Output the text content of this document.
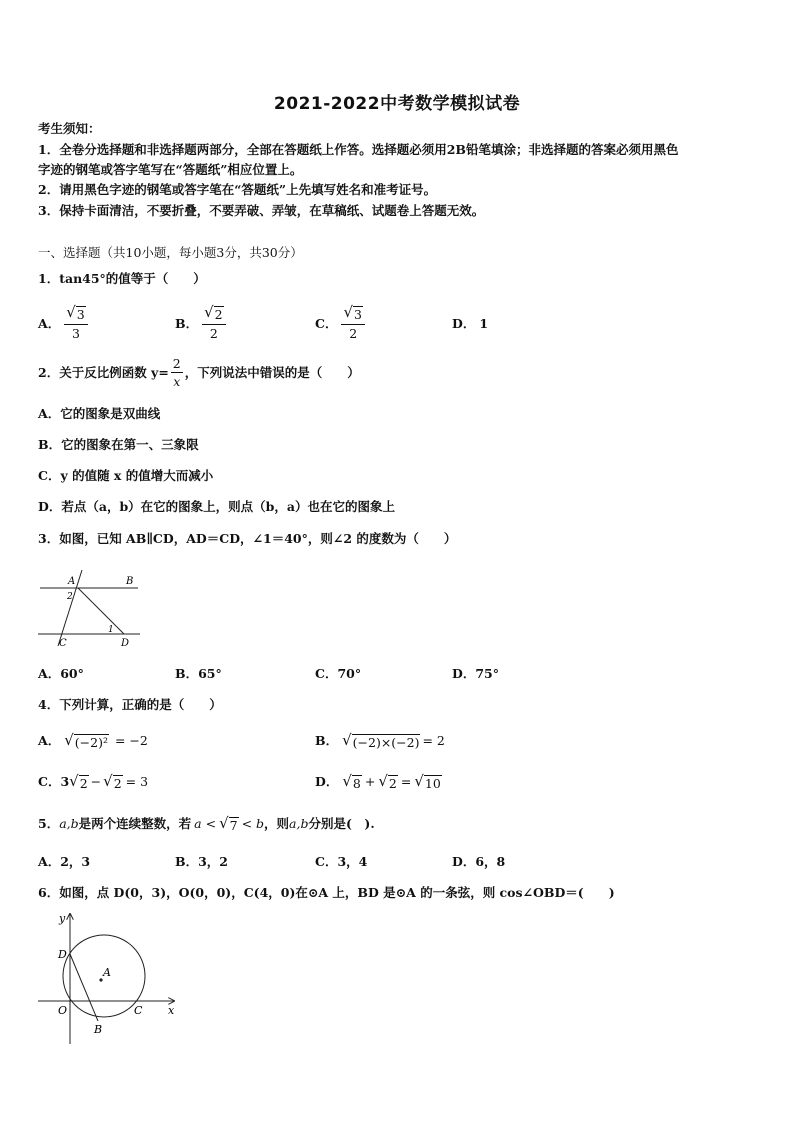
2021-2022中考数学模拟试卷
考生须知：
1．全卷分选择题和非选择题两部分，全部在答题纸上作答。选择题必须用2B铅笔填涂；非选择题的答案必须用黑色
字迹的钢笔或答字笔写在“答题纸”相应位置上。
2．请用黑色字迹的钢笔或答字笔在“答题纸”上先填写姓名和准考证号。
3．保持卡面清洁，不要折叠，不要弄破、弄皱，在草稿纸、试题卷上答题无效。
一、选择题（共10小题，每小题3分，共30分）
1．tan45°的值等于（　　）
A． $\frac{√ 3}{3}$	B． $\frac{√ 2}{2}$	C． $\frac{√ 3}{2}$	D． 1
2．关于反比例函数 $y= \frac{2}{x}$ ，下列说法中错误的是（　　）
A．它的图象是双曲线
B．它的图象在第一、三象限
C．y 的值随 x 的值增大而减小
D．若点（a，b）在它的图象上，则点（b，a）也在它的图象上
3．如图，已知 AB∥CD，AD＝CD，∠1＝40°，则∠2 的度数为（　　）
A	B
C	D
2
1
A．60°	B．65°	C．70°	D．75°
4．下列计算，正确的是（　　）
A． √ (−2)² = −2	B． √ (−2)×(−2) = 2
C．3 √ 2 − √ 2 = 3	D． √ 8 + √ 2 = √ 10
5． a,b 是两个连续整数，若 a < √ 7 < b ，则 a,b 分别是(　).
A．2，3	B．3，2	C．3，4	D．6，8
6．如图，点 D(0，3)，O(0，0)，C(4，0)在⊙A 上，BD 是⊙A 的一条弦，则 cos∠OBD＝(　　)
y
x
D
A
O
B
C
